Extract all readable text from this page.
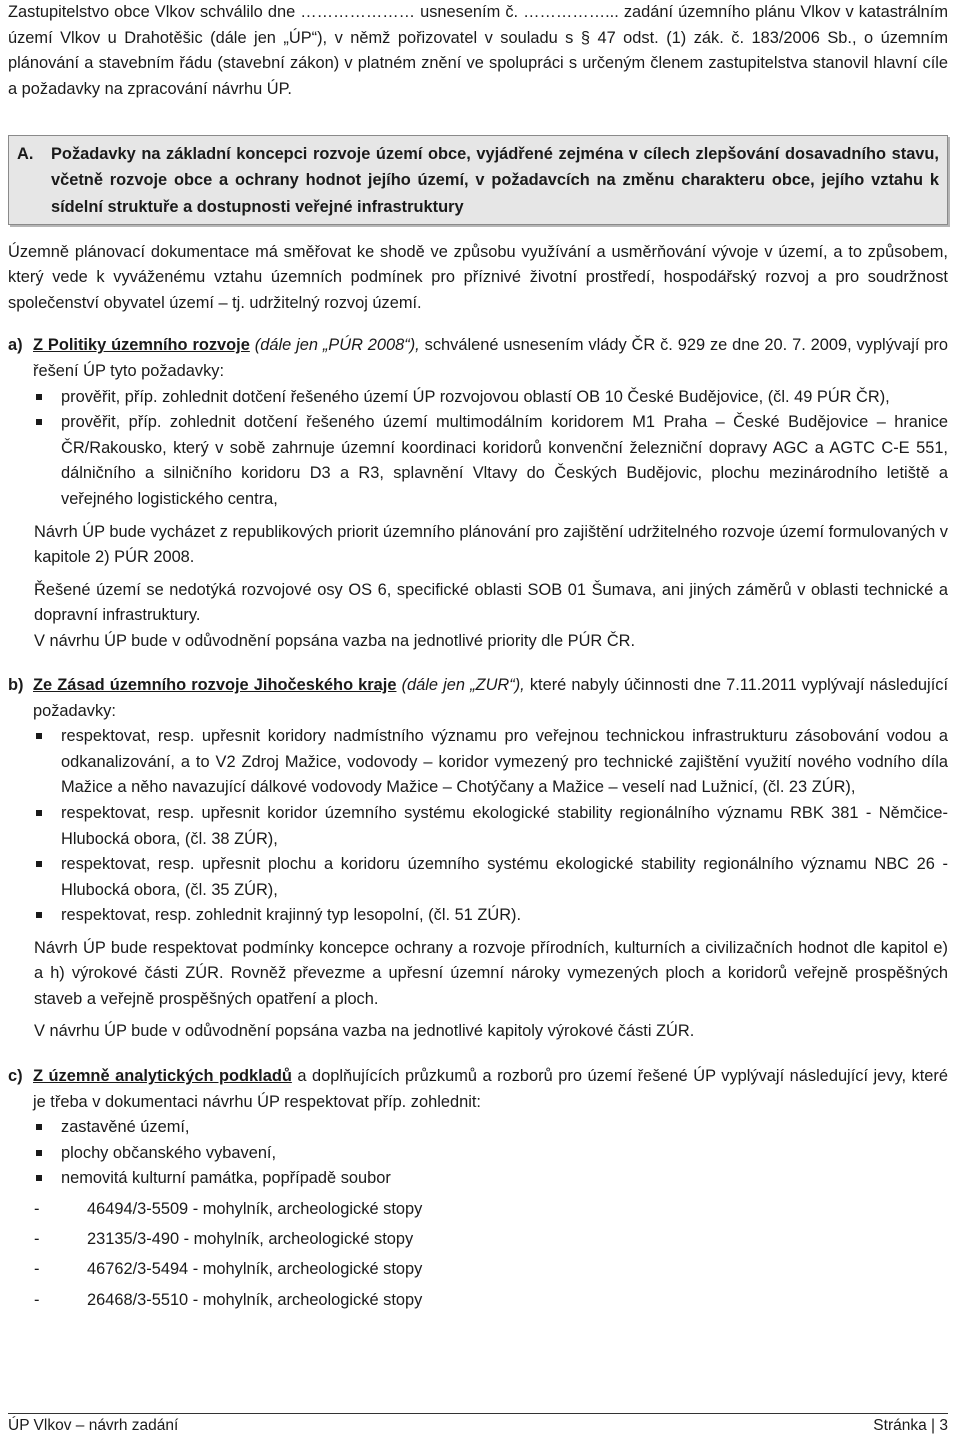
Zastupitelstvo obce Vlkov schválilo dne ………………… usnesením č. ……………... zadání územního plánu Vlkov v katastrálním území Vlkov u Drahotěšic (dále jen „ÚP“), v němž pořizovatel v souladu s § 47 odst. (1) zák. č. 183/2006 Sb., o územním plánování a stavebním řádu (stavební zákon) v platném znění ve spolupráci s určeným členem zastupitelstva stanovil hlavní cíle a požadavky na zpracování návrhu ÚP.

A.	Požadavky na základní koncepci rozvoje území obce, vyjádřené zejména v cílech zlepšování dosavadního stavu, včetně rozvoje obce a ochrany hodnot jejího území, v požadavcích na změnu charakteru obce, jejího vztahu k sídelní struktuře a dostupnosti veřejné infrastruktury

Územně plánovací dokumentace má směřovat ke shodě ve způsobu využívání a usměrňování vývoje v území, a to způsobem, který vede k vyváženému vztahu územních podmínek pro příznivé životní prostředí, hospodářský rozvoj a pro soudržnost společenství obyvatel území – tj. udržitelný rozvoj území.

a) Z Politiky územního rozvoje (dále jen „PÚR 2008“), schválené usnesením vlády ČR č. 929 ze dne 20. 7. 2009, vyplývají pro řešení ÚP tyto požadavky:
prověřit, příp. zohlednit dotčení řešeného území ÚP rozvojovou oblastí OB 10 České Budějovice, (čl. 49 PÚR ČR),
prověřit, příp. zohlednit dotčení řešeného území multimodálním koridorem M1 Praha – České Budějovice – hranice ČR/Rakousko, který v sobě zahrnuje územní koordinaci koridorů konvenční železniční dopravy AGC a AGTC C-E 551, dálničního a silničního koridoru D3 a R3, splavnění Vltavy do Českých Budějovic, plochu mezinárodního letiště a veřejného logistického centra,

Návrh ÚP bude vycházet z republikových priorit územního plánování pro zajištění udržitelného rozvoje území formulovaných v kapitole 2) PÚR 2008.

Řešené území se nedotýká rozvojové osy OS 6, specifické oblasti SOB 01 Šumava, ani jiných záměrů v oblasti technické a dopravní infrastruktury.

V návrhu ÚP bude v odůvodnění popsána vazba na jednotlivé priority dle PÚR ČR.

b) Ze Zásad územního rozvoje Jihočeského kraje (dále jen „ZUR“), které nabyly účinnosti dne 7.11.2011 vyplývají následující požadavky:
respektovat, resp. upřesnit koridory nadmístního významu pro veřejnou technickou infrastrukturu zásobování vodou a odkanalizování, a to V2 Zdroj Mažice, vodovody – koridor vymezený pro technické zajištění využití nového vodního díla Mažice a něho navazující dálkové vodovody Mažice – Chotýčany a Mažice – veselí nad Lužnicí, (čl. 23 ZÚR),
respektovat, resp. upřesnit koridor územního systému ekologické stability regionálního významu RBK 381 - Němčice-Hlubocká obora, (čl. 38 ZÚR),
respektovat, resp. upřesnit plochu a koridoru územního systému ekologické stability regionálního významu NBC 26 - Hlubocká obora, (čl. 35 ZÚR),
respektovat, resp. zohlednit krajinný typ lesopolní, (čl. 51 ZÚR).

Návrh ÚP bude respektovat podmínky koncepce ochrany a rozvoje přírodních, kulturních a civilizačních hodnot dle kapitol e) a h) výrokové části ZÚR. Rovněž převezme a upřesní územní nároky vymezených ploch a koridorů veřejně prospěšných staveb a veřejně prospěšných opatření a ploch.

V návrhu ÚP bude v odůvodnění popsána vazba na jednotlivé kapitoly výrokové části ZÚR.

c) Z územně analytických podkladů a doplňujících průzkumů a rozborů pro území řešené ÚP vyplývají následující jevy, které je třeba v dokumentaci návrhu ÚP respektovat příp. zohlednit:
zastavěné území,
plochy občanského vybavení,
nemovitá kulturní památka, popřípadě soubor
-	46494/3-5509 - mohylník, archeologické stopy
-	23135/3-490 - mohylník, archeologické stopy
-	46762/3-5494 - mohylník, archeologické stopy
-	26468/3-5510 - mohylník, archeologické stopy
ÚP Vlkov – návrh zadání	Stránka | 3
